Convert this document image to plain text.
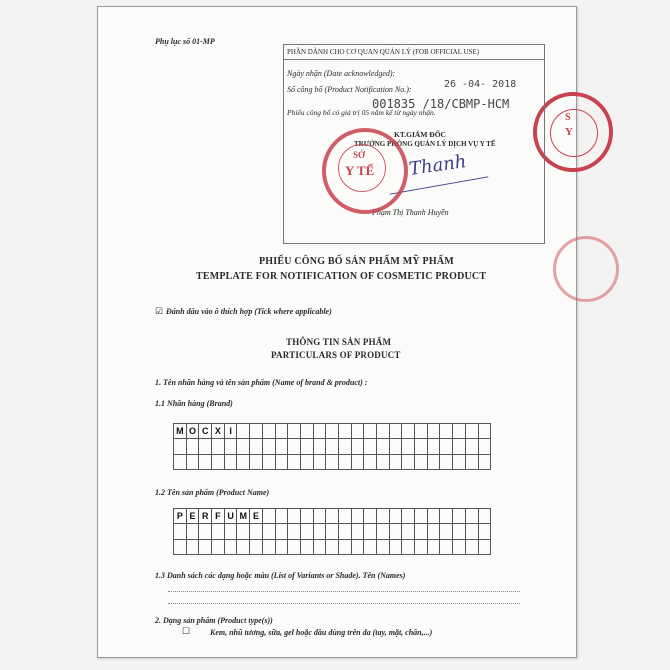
S
Y
Phụ lục số 01-MP
PHẦN DÀNH CHO CƠ QUAN QUẢN LÝ (FOR OFFICIAL USE)
Ngày nhận (Date acknowledged):
26 -04- 2018
Số công bố (Product Notification No.):
001835 /18/CBMP-HCM
Phiếu công bố có giá trị 05 năm kể từ ngày nhận.
KT.GIÁM ĐỐC
TRƯỞNG PHÒNG QUẢN LÝ DỊCH VỤ Y TẾ
Thanh
Phạm Thị Thanh Huyền
SỞ
Y TẾ
PHIẾU CÔNG BỐ SẢN PHẨM MỸ PHẨM
TEMPLATE FOR NOTIFICATION OF COSMETIC PRODUCT
☑ Đánh dấu vào ô thích hợp (Tick where applicable)
THÔNG TIN SẢN PHẨM
PARTICULARS OF PRODUCT
1. Tên nhãn hàng và tên sản phẩm (Name of brand & product) :
1.1 Nhãn hàng (Brand)
M O C X I
1.2 Tên sản phẩm (Product Name)
P E R F U M E
1.3 Danh sách các dạng hoặc màu (List of Variants or Shade). Tên (Names)
2. Dạng sản phẩm (Product type(s))
☐ Kem, nhũ tương, sữa, gel hoặc dầu dùng trên da (tay, mặt, chân,...)
